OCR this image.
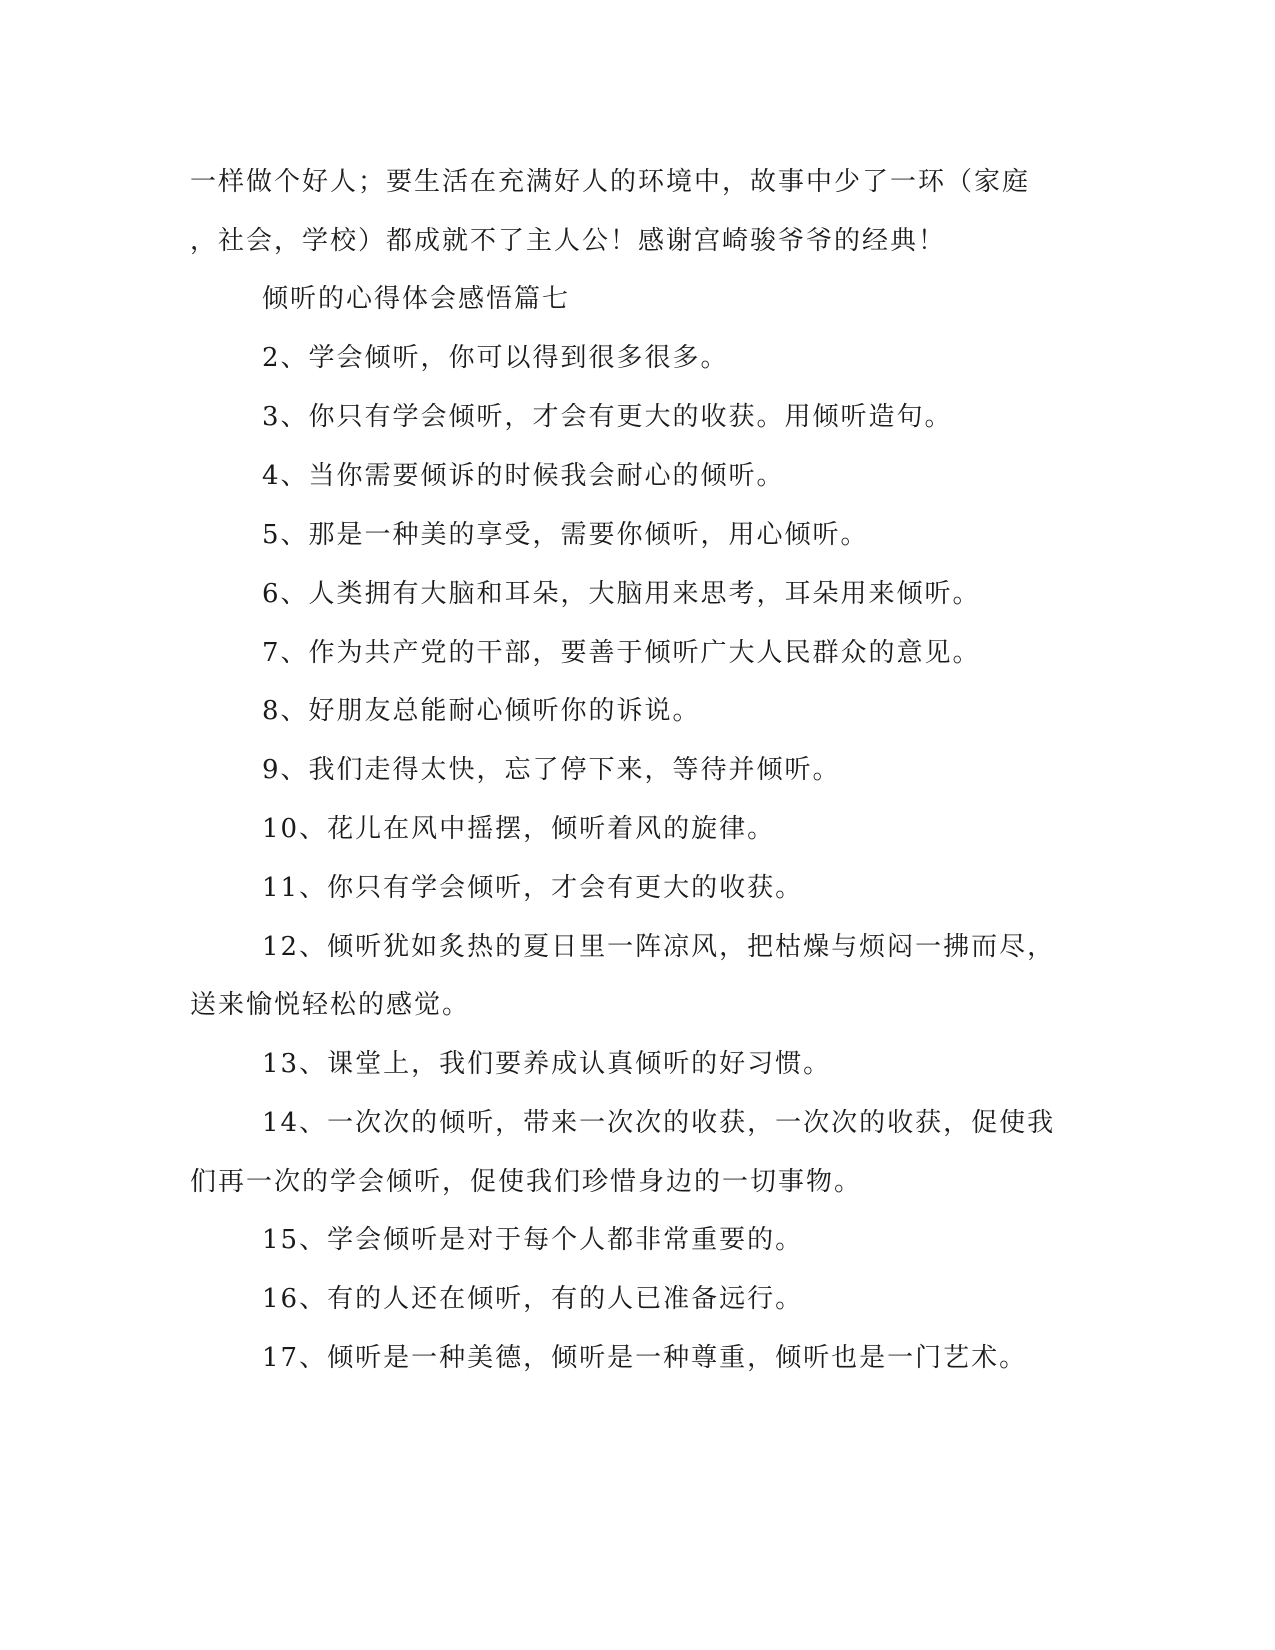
一样做个好人；要生活在充满好人的环境中，故事中少了一环（家庭
，社会，学校）都成就不了主人公！感谢宫崎骏爷爷的经典！
倾听的心得体会感悟篇七
2、学会倾听，你可以得到很多很多。
3、你只有学会倾听，才会有更大的收获。用倾听造句。
4、当你需要倾诉的时候我会耐心的倾听。
5、那是一种美的享受，需要你倾听，用心倾听。
6、人类拥有大脑和耳朵，大脑用来思考，耳朵用来倾听。
7、作为共产党的干部，要善于倾听广大人民群众的意见。
8、好朋友总能耐心倾听你的诉说。
9、我们走得太快，忘了停下来，等待并倾听。
10、花儿在风中摇摆，倾听着风的旋律。
11、你只有学会倾听，才会有更大的收获。
12、倾听犹如炙热的夏日里一阵凉风，把枯燥与烦闷一拂而尽，
送来愉悦轻松的感觉。
13、课堂上，我们要养成认真倾听的好习惯。
14、一次次的倾听，带来一次次的收获，一次次的收获，促使我
们再一次的学会倾听，促使我们珍惜身边的一切事物。
15、学会倾听是对于每个人都非常重要的。
16、有的人还在倾听，有的人已准备远行。
17、倾听是一种美德，倾听是一种尊重，倾听也是一门艺术。
